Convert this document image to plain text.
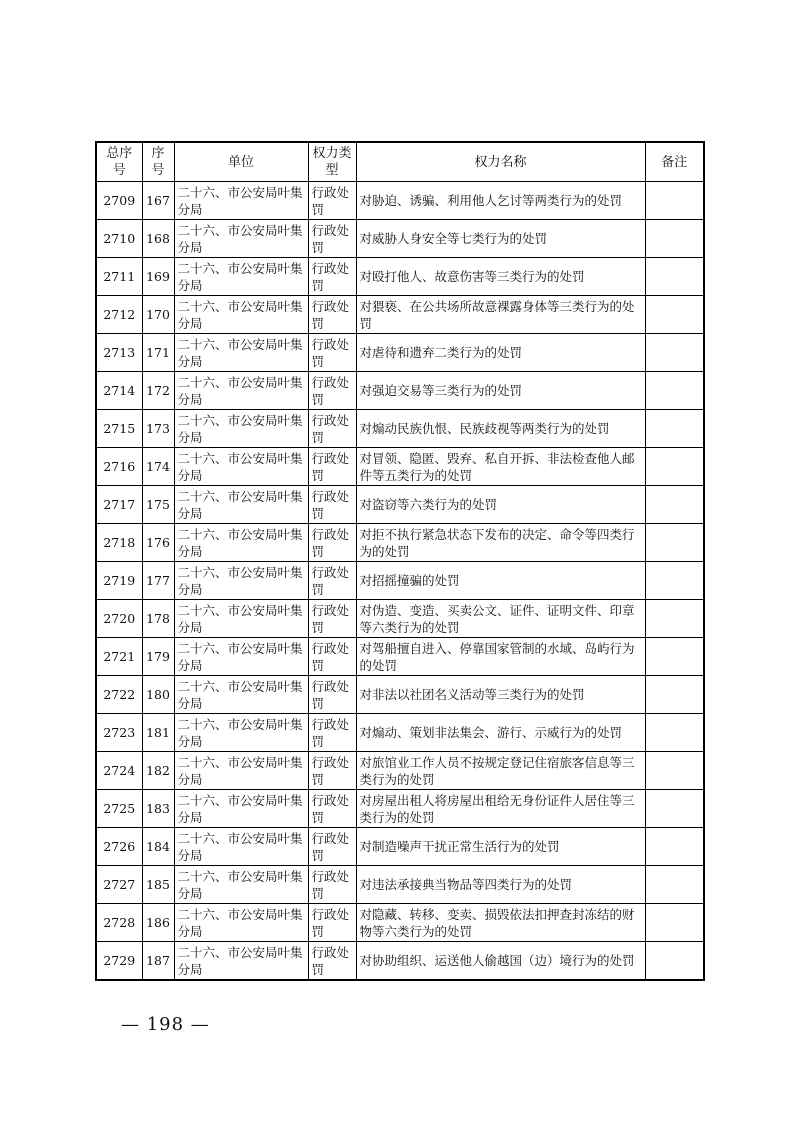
总序号	序号	单位	权力类型	权力名称	备注
2709	167	二十六、市公安局叶集分局	行政处罚	对胁迫、诱骗、利用他人乞讨等两类行为的处罚	
2710	168	二十六、市公安局叶集分局	行政处罚	对威胁人身安全等七类行为的处罚	
2711	169	二十六、市公安局叶集分局	行政处罚	对殴打他人、故意伤害等三类行为的处罚	
2712	170	二十六、市公安局叶集分局	行政处罚	对猥亵、在公共场所故意裸露身体等三类行为的处罚	
2713	171	二十六、市公安局叶集分局	行政处罚	对虐待和遗弃二类行为的处罚	
2714	172	二十六、市公安局叶集分局	行政处罚	对强迫交易等三类行为的处罚	
2715	173	二十六、市公安局叶集分局	行政处罚	对煽动民族仇恨、民族歧视等两类行为的处罚	
2716	174	二十六、市公安局叶集分局	行政处罚	对冒领、隐匿、毁弃、私自开拆、非法检查他人邮件等五类行为的处罚	
2717	175	二十六、市公安局叶集分局	行政处罚	对盗窃等六类行为的处罚	
2718	176	二十六、市公安局叶集分局	行政处罚	对拒不执行紧急状态下发布的决定、命令等四类行为的处罚	
2719	177	二十六、市公安局叶集分局	行政处罚	对招摇撞骗的处罚	
2720	178	二十六、市公安局叶集分局	行政处罚	对伪造、变造、买卖公文、证件、证明文件、印章等六类行为的处罚	
2721	179	二十六、市公安局叶集分局	行政处罚	对驾船擅自进入、停靠国家管制的水域、岛屿行为的处罚	
2722	180	二十六、市公安局叶集分局	行政处罚	对非法以社团名义活动等三类行为的处罚	
2723	181	二十六、市公安局叶集分局	行政处罚	对煽动、策划非法集会、游行、示威行为的处罚	
2724	182	二十六、市公安局叶集分局	行政处罚	对旅馆业工作人员不按规定登记住宿旅客信息等三类行为的处罚	
2725	183	二十六、市公安局叶集分局	行政处罚	对房屋出租人将房屋出租给无身份证件人居住等三类行为的处罚	
2726	184	二十六、市公安局叶集分局	行政处罚	对制造噪声干扰正常生活行为的处罚	
2727	185	二十六、市公安局叶集分局	行政处罚	对违法承接典当物品等四类行为的处罚	
2728	186	二十六、市公安局叶集分局	行政处罚	对隐藏、转移、变卖、损毁依法扣押查封冻结的财物等六类行为的处罚	
2729	187	二十六、市公安局叶集分局	行政处罚	对协助组织、运送他人偷越国（边）境行为的处罚	
— 198 —
